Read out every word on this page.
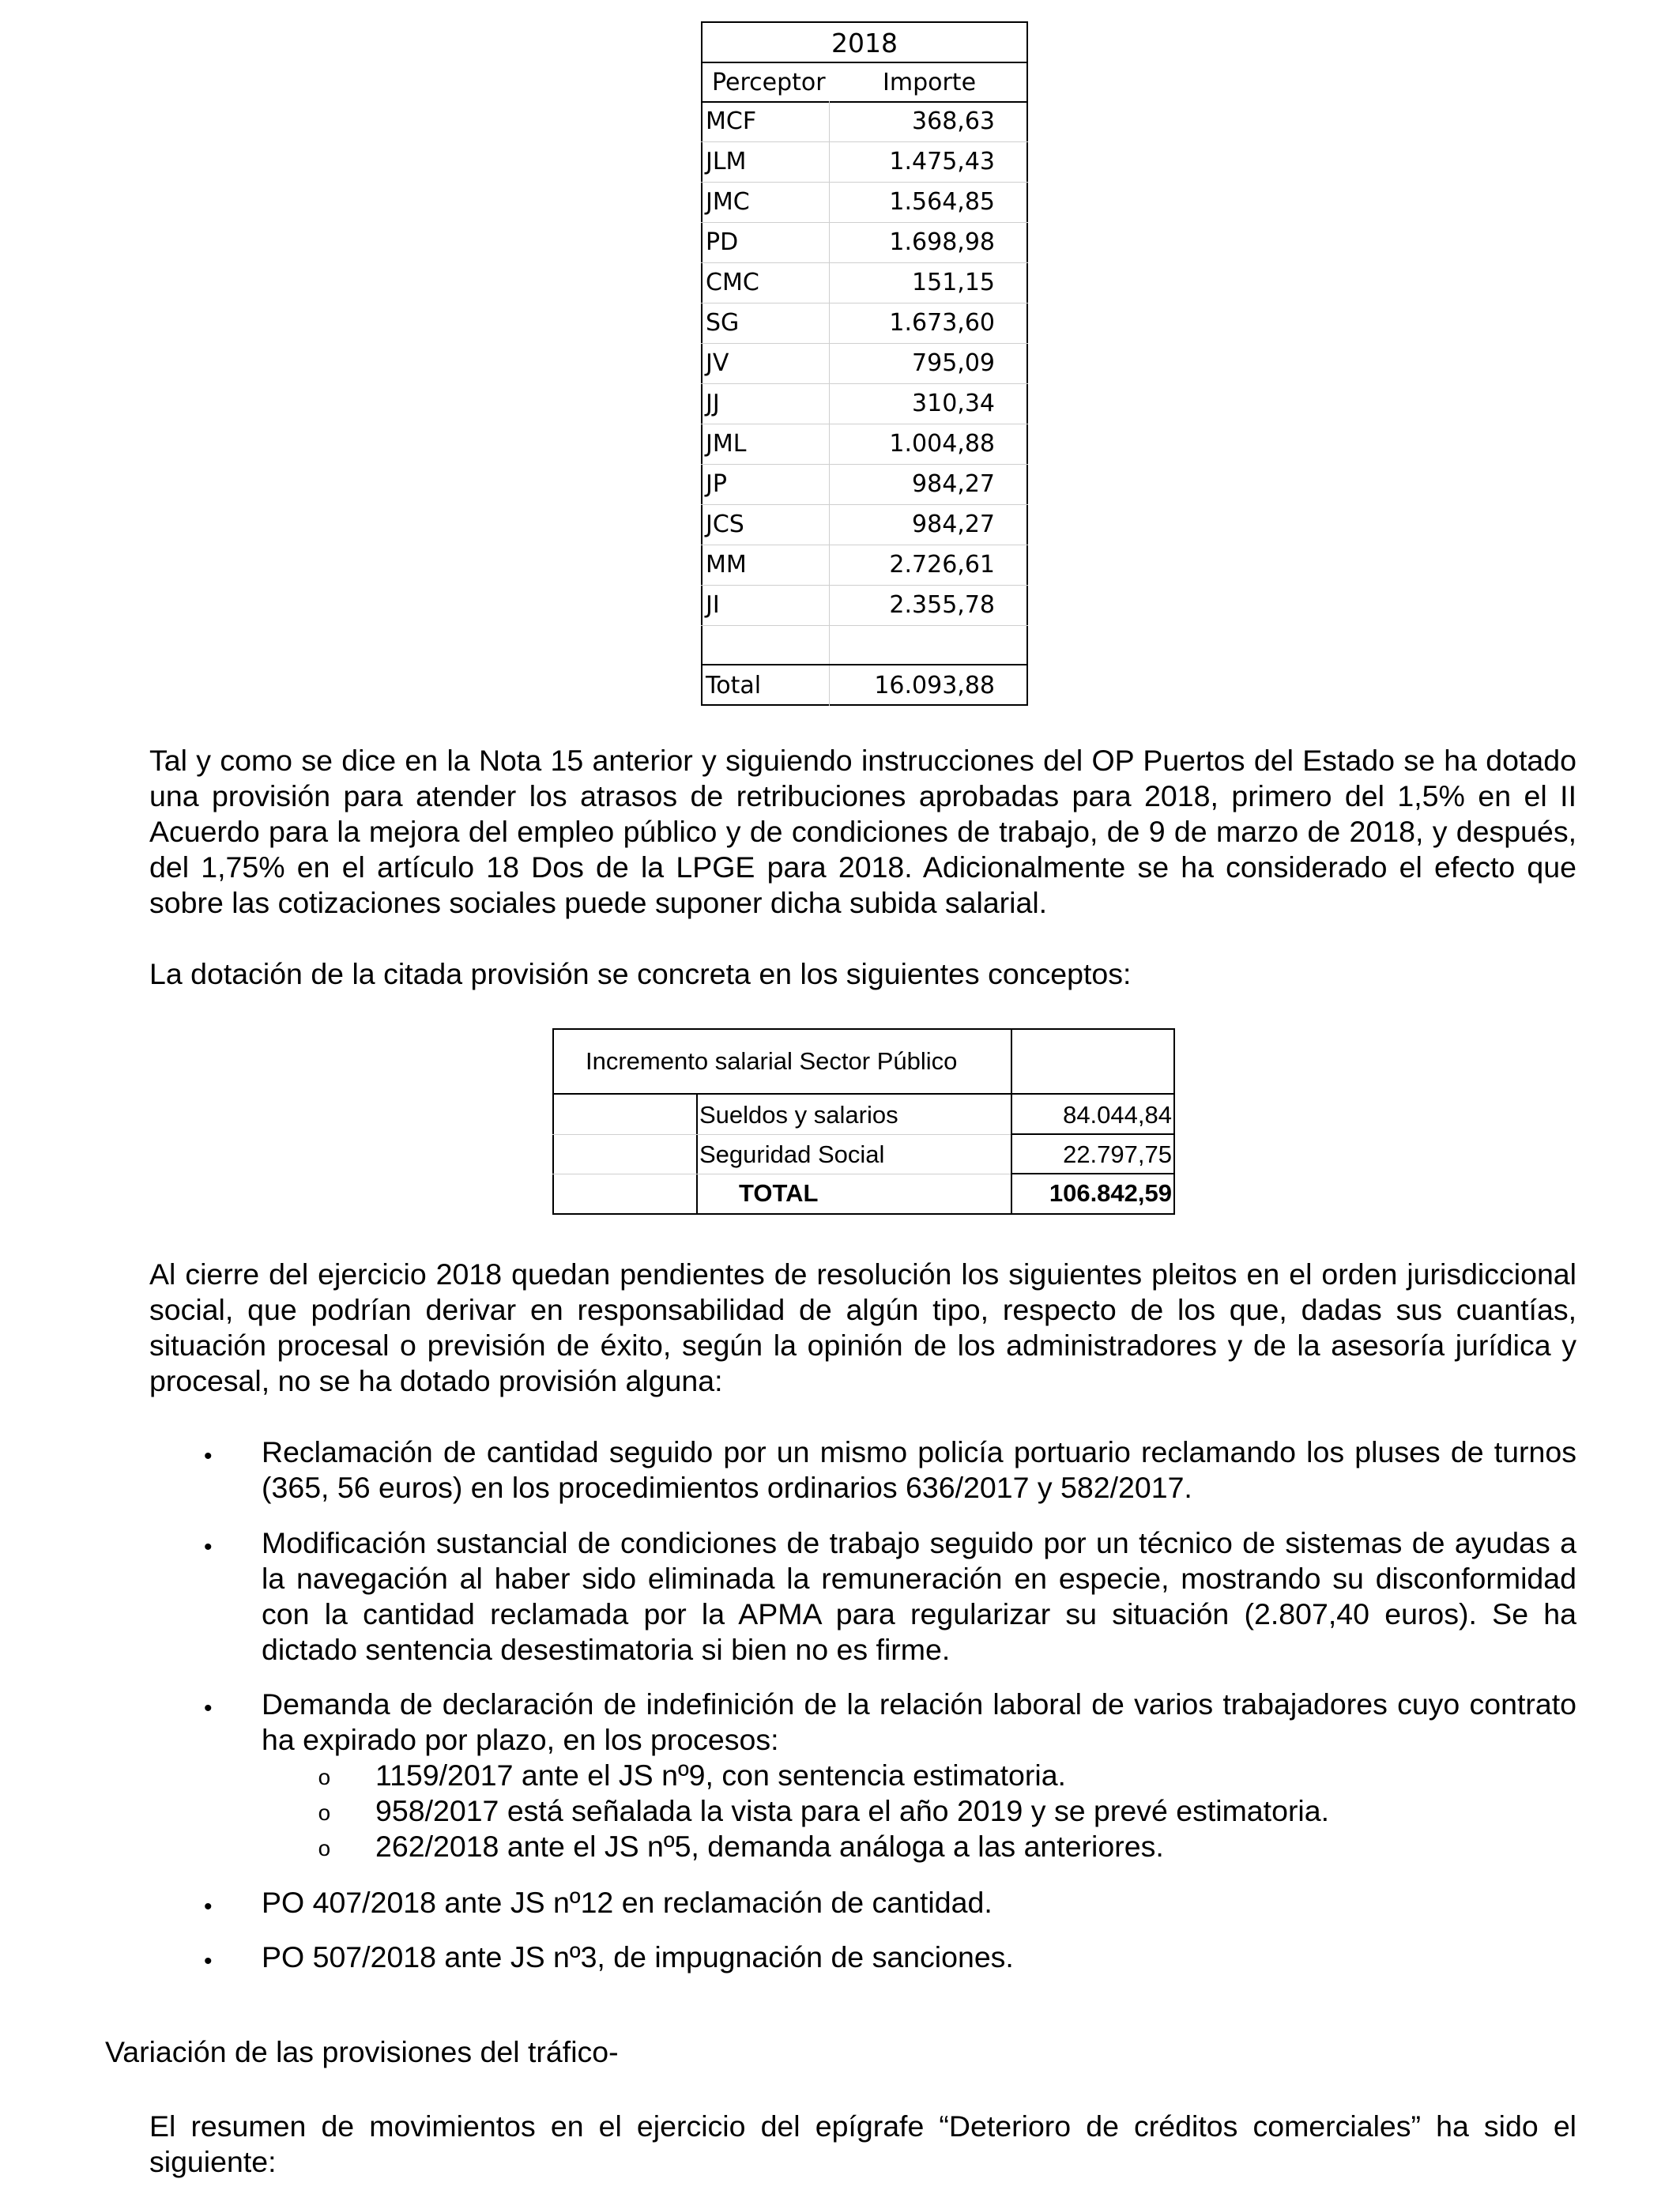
2018
Perceptor Importe
MCF	368,63
JLM	1.475,43
JMC	1.564,85
PD	1.698,98
CMC	151,15
SG	1.673,60
JV	795,09
JJ	310,34
JML	1.004,88
JP	984,27
JCS	984,27
MM	2.726,61
JI	2.355,78
Total	16.093,88
Tal y como se dice en la Nota 15 anterior y siguiendo instrucciones del OP Puertos del Estado se ha dotado una provisión para atender los atrasos de retribuciones aprobadas para 2018, primero del 1,5% en el II Acuerdo para la mejora del empleo público y de condiciones de trabajo, de 9 de marzo de 2018, y después, del 1,75% en el artículo 18 Dos de la LPGE para 2018. Adicionalmente se ha considerado el efecto que sobre las cotizaciones sociales puede suponer dicha subida salarial.
La dotación de la citada provisión se concreta en los siguientes conceptos:
Incremento salarial Sector Público
Sueldos y salarios	84.044,84
Seguridad Social	22.797,75
TOTAL	106.842,59
Al cierre del ejercicio 2018 quedan pendientes de resolución los siguientes pleitos en el orden jurisdiccional social, que podrían derivar en responsabilidad de algún tipo, respecto de los que, dadas sus cuantías, situación procesal o previsión de éxito, según la opinión de los administradores y de la asesoría jurídica y procesal, no se ha dotado provisión alguna:
• Reclamación de cantidad seguido por un mismo policía portuario reclamando los pluses de turnos (365, 56 euros) en los procedimientos ordinarios 636/2017 y 582/2017.
• Modificación sustancial de condiciones de trabajo seguido por un técnico de sistemas de ayudas a la navegación al haber sido eliminada la remuneración en especie, mostrando su disconformidad con la cantidad reclamada por la APMA para regularizar su situación (2.807,40 euros). Se ha dictado sentencia desestimatoria si bien no es firme.
• Demanda de declaración de indefinición de la relación laboral de varios trabajadores cuyo contrato ha expirado por plazo, en los procesos:
o 1159/2017 ante el JS nº9, con sentencia estimatoria.
o 958/2017 está señalada la vista para el año 2019 y se prevé estimatoria.
o 262/2018 ante el JS nº5, demanda análoga a las anteriores.
• PO 407/2018 ante JS nº12 en reclamación de cantidad.
• PO 507/2018 ante JS nº3, de impugnación de sanciones.
Variación de las provisiones del tráfico-
El resumen de movimientos en el ejercicio del epígrafe “Deterioro de créditos comerciales” ha sido el siguiente:
